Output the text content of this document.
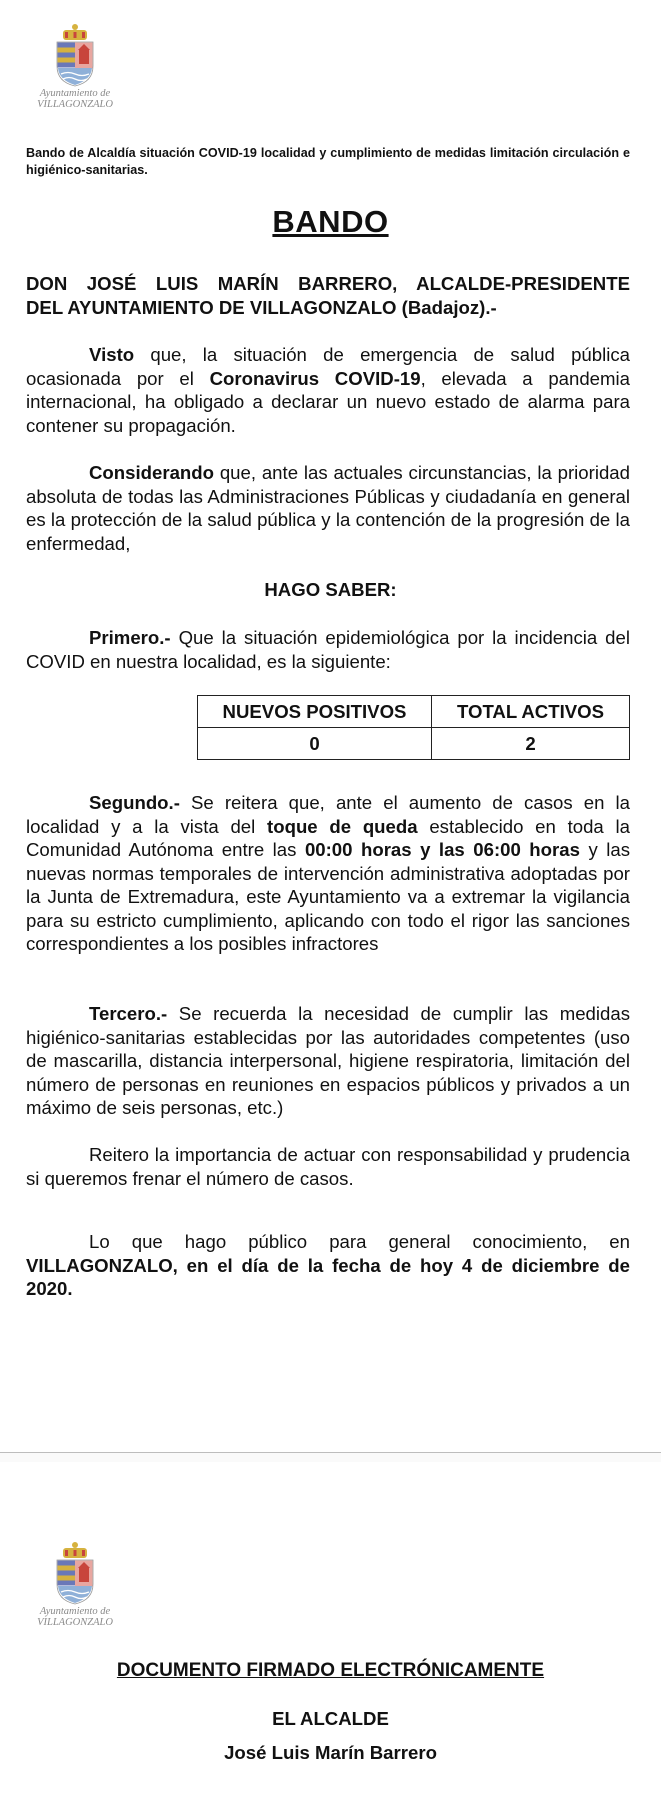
Ayuntamiento de
VILLAGONZALO
Bando de Alcaldía situación COVID-19 localidad y cumplimiento de medidas limitación circulación e higiénico-sanitarias.
BANDO
DON JOSÉ LUIS MARÍN BARRERO, ALCALDE-PRESIDENTE
DEL AYUNTAMIENTO DE VILLAGONZALO (Badajoz).-
Visto que, la situación de emergencia de salud pública ocasionada por el Coronavirus COVID-19, elevada a pandemia internacional, ha obligado a declarar un nuevo estado de alarma para contener su propagación.
Considerando que, ante las actuales circunstancias, la prioridad absoluta de todas las Administraciones Públicas y ciudadanía en general es la protección de la salud pública y la contención de la progresión de la enfermedad,
HAGO SABER:
Primero.- Que la situación epidemiológica por la incidencia del COVID en nuestra localidad, es la siguiente:
NUEVOS POSITIVOS	TOTAL ACTIVOS
0	2
Segundo.- Se reitera que, ante el aumento de casos en la localidad y a la vista del toque de queda establecido en toda la Comunidad Autónoma entre las 00:00 horas y las 06:00 horas y las nuevas normas temporales de intervención administrativa adoptadas por la Junta de Extremadura, este Ayuntamiento va a extremar la vigilancia para su estricto cumplimiento, aplicando con todo el rigor las sanciones correspondientes a los posibles infractores
Tercero.- Se recuerda la necesidad de cumplir las medidas higiénico-sanitarias establecidas por las autoridades competentes (uso de mascarilla, distancia interpersonal, higiene respiratoria, limitación del número de personas en reuniones en espacios públicos y privados a un máximo de seis personas, etc.)
Reitero la importancia de actuar con responsabilidad y prudencia si queremos frenar el número de casos.
Lo que hago público para general conocimiento, en VILLAGONZALO, en el día de la fecha de hoy 4 de diciembre de 2020.
Ayuntamiento de
VILLAGONZALO
DOCUMENTO FIRMADO ELECTRÓNICAMENTE
EL ALCALDE
José Luis Marín Barrero
